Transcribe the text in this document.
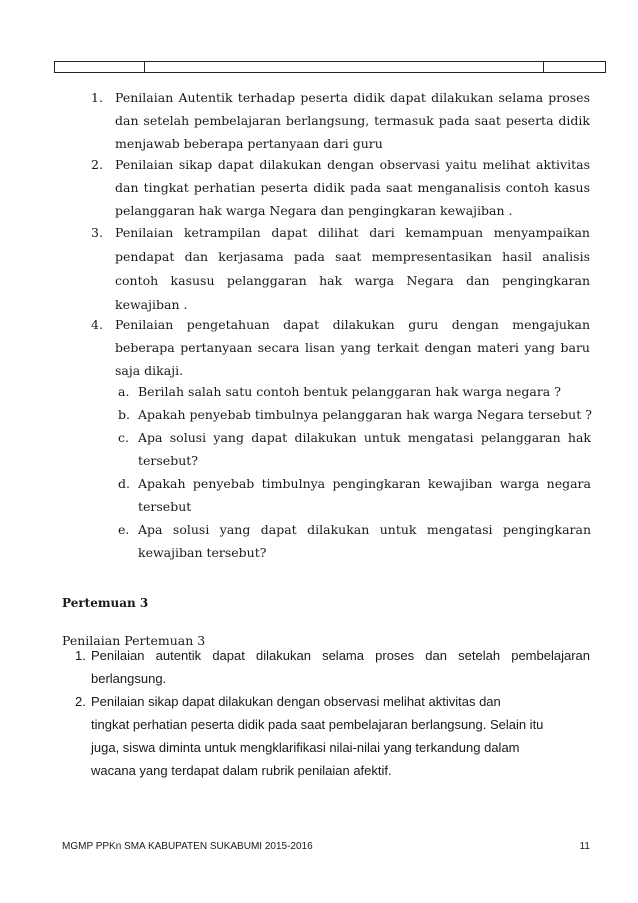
1. Penilaian Autentik terhadap peserta didik dapat dilakukan selama proses
dan setelah pembelajaran berlangsung, termasuk pada saat peserta didik
menjawab beberapa pertanyaan dari guru
2. Penilaian sikap dapat dilakukan dengan observasi yaitu melihat aktivitas
dan tingkat perhatian peserta didik pada saat menganalisis contoh kasus
pelanggaran hak warga Negara dan pengingkaran kewajiban .
3. Penilaian ketrampilan dapat dilihat dari kemampuan menyampaikan
pendapat dan kerjasama pada saat mempresentasikan hasil analisis
contoh kasusu pelanggaran hak warga Negara dan pengingkaran
kewajiban .
4. Penilaian pengetahuan dapat dilakukan guru dengan mengajukan
beberapa pertanyaan secara lisan yang terkait dengan materi yang baru
saja dikaji.
a. Berilah salah satu contoh bentuk pelanggaran hak warga negara ?
b. Apakah penyebab timbulnya pelanggaran hak warga Negara tersebut ?
c. Apa solusi yang dapat dilakukan untuk mengatasi pelanggaran hak
tersebut?
d. Apakah penyebab timbulnya pengingkaran kewajiban warga negara
tersebut
e. Apa solusi yang dapat dilakukan untuk mengatasi pengingkaran
kewajiban tersebut?
Pertemuan 3
Penilaian Pertemuan 3
1. Penilaian autentik dapat dilakukan selama proses dan setelah pembelajaran
berlangsung.
2. Penilaian sikap dapat dilakukan dengan observasi melihat aktivitas dan
tingkat perhatian peserta didik pada saat pembelajaran berlangsung. Selain itu
juga, siswa diminta untuk mengklarifikasi nilai-nilai yang terkandung dalam
wacana yang terdapat dalam rubrik penilaian afektif.
MGMP PPKn SMA KABUPATEN SUKABUMI 2015-2016	11
